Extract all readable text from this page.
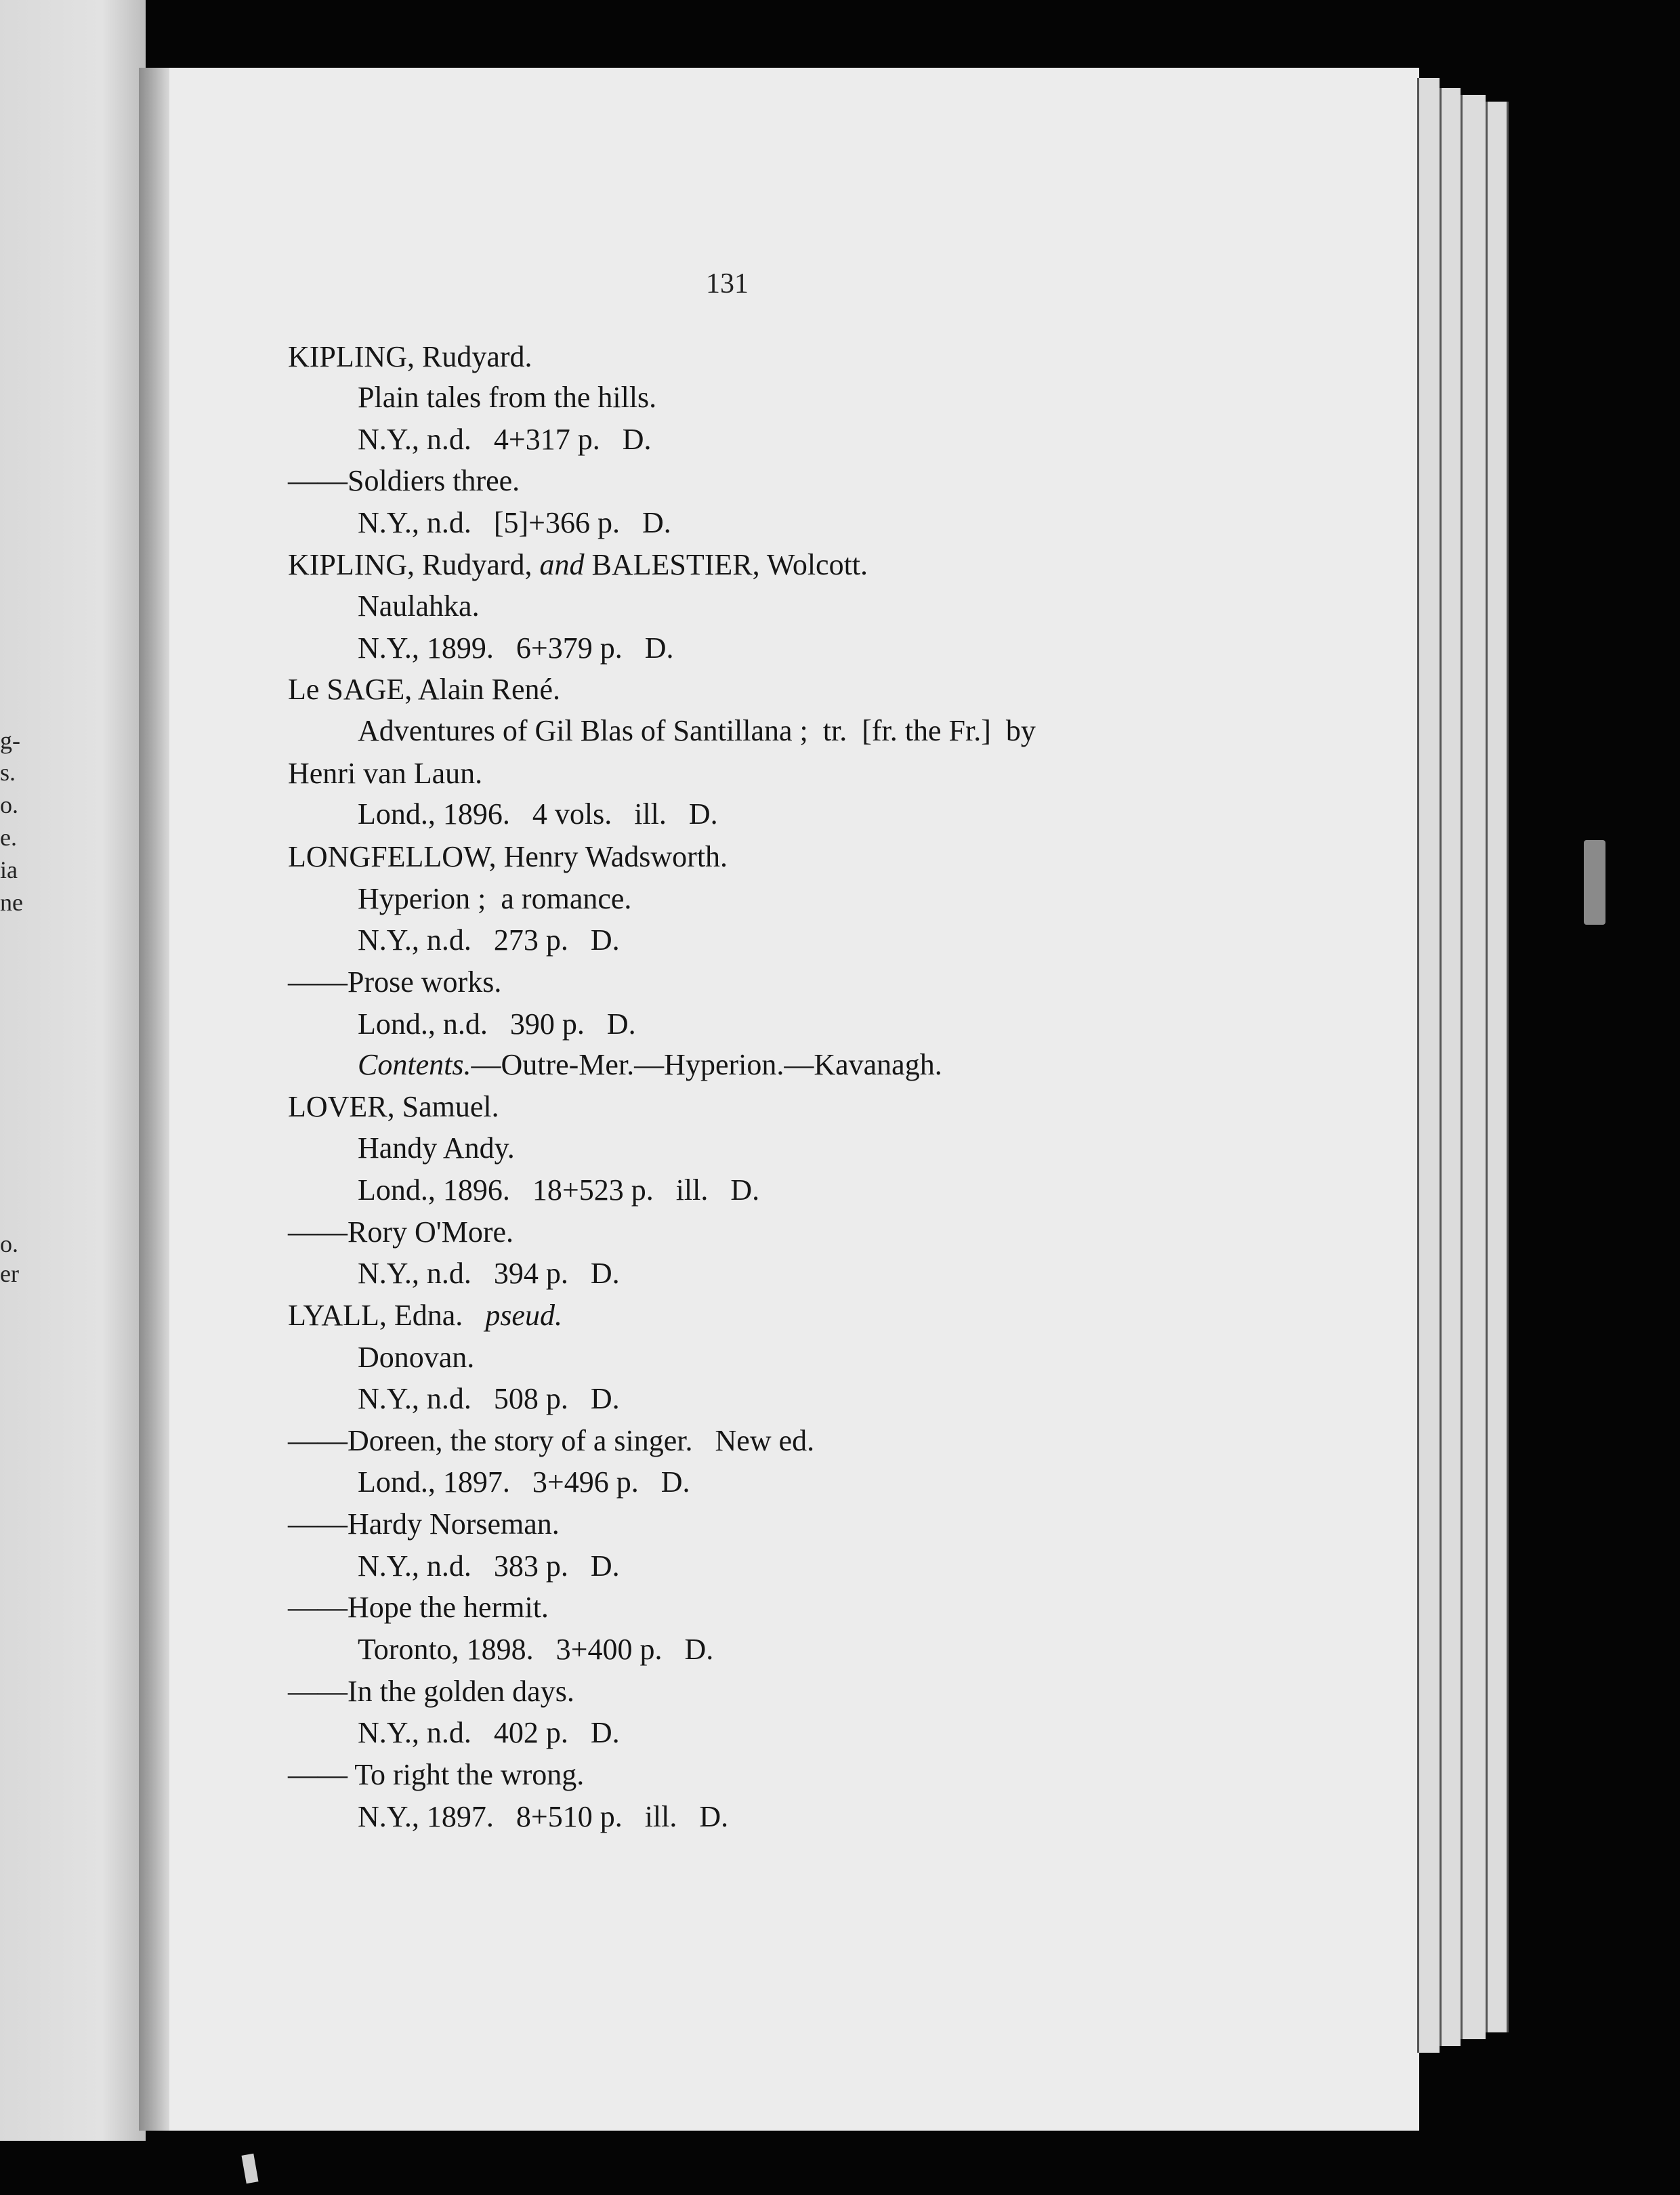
g-
s.
o.
e.
ia
ne
o.
er
131
KIPLING, Rudyard.
Plain tales from the hills.
N.Y., n.d.   4+317 p.   D.
——Soldiers three.
N.Y., n.d.   [5]+366 p.   D.
KIPLING, Rudyard, and BALESTIER, Wolcott.
Naulahka.
N.Y., 1899.   6+379 p.   D.
Le SAGE, Alain René.
Adventures of Gil Blas of Santillana ;  tr.  [fr. the Fr.]  by
Henri van Laun.
Lond., 1896.   4 vols.   ill.   D.
LONGFELLOW, Henry Wadsworth.
Hyperion ;  a romance.
N.Y., n.d.   273 p.   D.
——Prose works.
Lond., n.d.   390 p.   D.
Contents.—Outre-Mer.—Hyperion.—Kavanagh.
LOVER, Samuel.
Handy Andy.
Lond., 1896.   18+523 p.   ill.   D.
——Rory O'More.
N.Y., n.d.   394 p.   D.
LYALL, Edna.   pseud.
Donovan.
N.Y., n.d.   508 p.   D.
——Doreen, the story of a singer.   New ed.
Lond., 1897.   3+496 p.   D.
——Hardy Norseman.
N.Y., n.d.   383 p.   D.
——Hope the hermit.
Toronto, 1898.   3+400 p.   D.
——In the golden days.
N.Y., n.d.   402 p.   D.
—— To right the wrong.
N.Y., 1897.   8+510 p.   ill.   D.
